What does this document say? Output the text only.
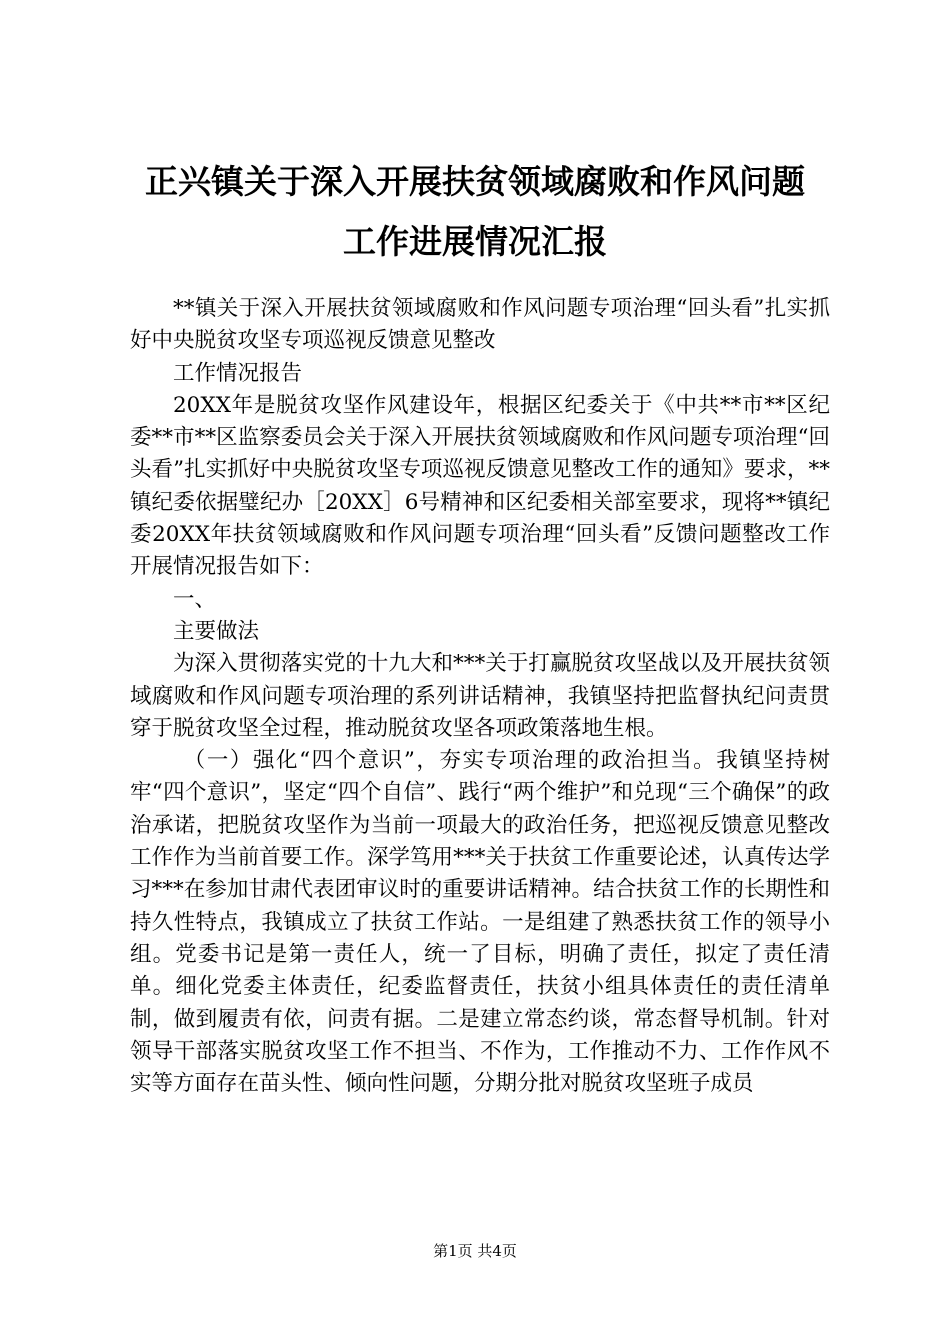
正兴镇关于深入开展扶贫领域腐败和作风问题
工作进展情况汇报

**镇关于深入开展扶贫领域腐败和作风问题专项治理“回头看”扎实抓好中央脱贫攻坚专项巡视反馈意见整改

工作情况报告

20XX年是脱贫攻坚作风建设年，根据区纪委关于《中共**市**区纪委**市**区监察委员会关于深入开展扶贫领域腐败和作风问题专项治理“回头看”扎实抓好中央脱贫攻坚专项巡视反馈意见整改工作的通知》要求，**镇纪委依据璧纪办［20XX］6号精神和区纪委相关部室要求，现将**镇纪委20XX年扶贫领域腐败和作风问题专项治理“回头看”反馈问题整改工作开展情况报告如下：

一、

主要做法

为深入贯彻落实党的十九大和***关于打赢脱贫攻坚战以及开展扶贫领域腐败和作风问题专项治理的系列讲话精神，我镇坚持把监督执纪问责贯穿于脱贫攻坚全过程，推动脱贫攻坚各项政策落地生根。

（一）强化“四个意识”，夯实专项治理的政治担当。我镇坚持树牢“四个意识”，坚定“四个自信”、践行“两个维护”和兑现“三个确保”的政治承诺，把脱贫攻坚作为当前一项最大的政治任务，把巡视反馈意见整改工作作为当前首要工作。深学笃用***关于扶贫工作重要论述，认真传达学习***在参加甘肃代表团审议时的重要讲话精神。结合扶贫工作的长期性和持久性特点，我镇成立了扶贫工作站。一是组建了熟悉扶贫工作的领导小组。党委书记是第一责任人，统一了目标，明确了责任，拟定了责任清单。细化党委主体责任，纪委监督责任，扶贫小组具体责任的责任清单制，做到履责有依，问责有据。二是建立常态约谈，常态督导机制。针对领导干部落实脱贫攻坚工作不担当、不作为，工作推动不力、工作作风不实等方面存在苗头性、倾向性问题，分期分批对脱贫攻坚班子成员

第1页 共4页
